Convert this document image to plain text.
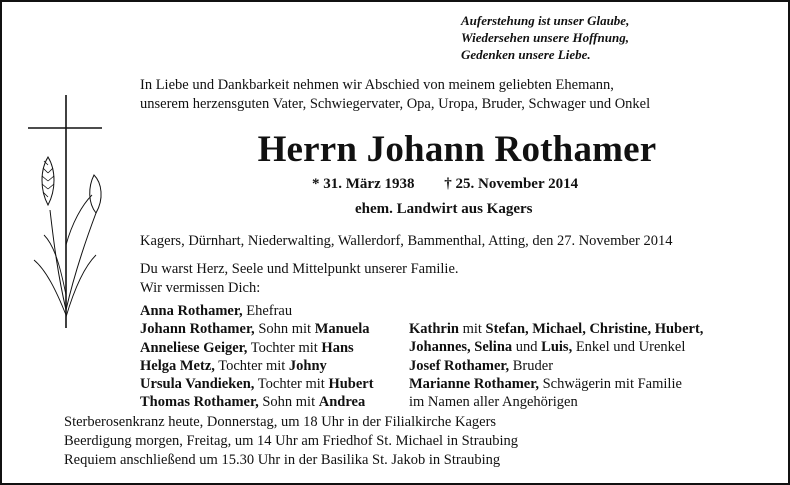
Auferstehung ist unser Glaube,
Wiedersehen unsere Hoffnung,
Gedenken unsere Liebe.
In Liebe und Dankbarkeit nehmen wir Abschied von meinem geliebten Ehemann,
unserem herzensguten Vater, Schwiegervater, Opa, Uropa, Bruder, Schwager und Onkel
Herrn Johann Rothamer
* 31. März 1938 † 25. November 2014
ehem. Landwirt aus Kagers
Kagers, Dürnhart, Niederwalting, Wallerdorf, Bammenthal, Atting, den 27. November 2014
Du warst Herz, Seele und Mittelpunkt unserer Familie.
Wir vermissen Dich:
Anna Rothamer, Ehefrau
Johann Rothamer, Sohn mit Manuela
Anneliese Geiger, Tochter mit Hans
Helga Metz, Tochter mit Johny
Ursula Vandieken, Tochter mit Hubert
Thomas Rothamer, Sohn mit Andrea
Kathrin mit Stefan, Michael, Christine, Hubert,
Johannes, Selina und Luis, Enkel und Urenkel
Josef Rothamer, Bruder
Marianne Rothamer, Schwägerin mit Familie
im Namen aller Angehörigen
Sterberosenkranz heute, Donnerstag, um 18 Uhr in der Filialkirche Kagers
Beerdigung morgen, Freitag, um 14 Uhr am Friedhof St. Michael in Straubing
Requiem anschließend um 15.30 Uhr in der Basilika St. Jakob in Straubing
